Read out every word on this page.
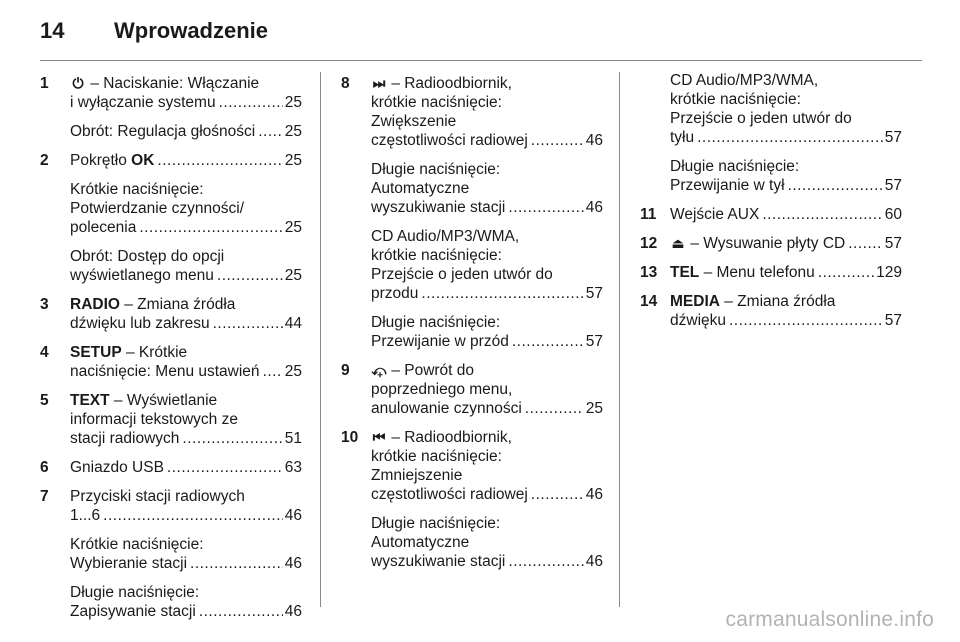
14 Wprowadzenie
1	⏻ – Naciskanie: Włączanie
i wyłączanie systemu .....	25
Obrót: Regulacja głośności ..... 25
2	Pokrętło OK .....	25
Krótkie naciśnięcie:
Potwierdzanie czynności/
polecenia .....	25
Obrót: Dostęp do opcji
wyświetlanego menu .....	25
3	RADIO – Zmiana źródła
dźwięku lub zakresu .....	44
4	SETUP – Krótkie
naciśnięcie: Menu ustawień ..... 25
5	TEXT – Wyświetlanie
informacji tekstowych ze
stacji radiowych .....	51
6	Gniazdo USB .....	63
7	Przyciski stacji radiowych
1...6 .....	46
Krótkie naciśnięcie:
Wybieranie stacji .....	46
Długie naciśnięcie:
Zapisywanie stacji .....	46
8	⏭ – Radioodbiornik,
krótkie naciśnięcie:
Zwiększenie
częstotliwości radiowej .....	46
Długie naciśnięcie:
Automatyczne
wyszukiwanie stacji .....	46
CD Audio/MP3/WMA,
krótkie naciśnięcie:
Przejście o jeden utwór do
przodu .....	57
Długie naciśnięcie:
Przewijanie w przód .....	57
9	⤽ – Powrót do
poprzedniego menu,
anulowanie czynności .....	25
10	⏮ – Radioodbiornik,
krótkie naciśnięcie:
Zmniejszenie
częstotliwości radiowej .....	46
Długie naciśnięcie:
Automatyczne
wyszukiwanie stacji .....	46
CD Audio/MP3/WMA,
krótkie naciśnięcie:
Przejście o jeden utwór do
tyłu .....	57
Długie naciśnięcie:
Przewijanie w tył .....	57
11 Wejście AUX .....	60
12	⏏ – Wysuwanie płyty CD .....	57
13 TEL – Menu telefonu .....	129
14 MEDIA – Zmiana źródła
dźwięku .....	57
carmanualsonline.info
